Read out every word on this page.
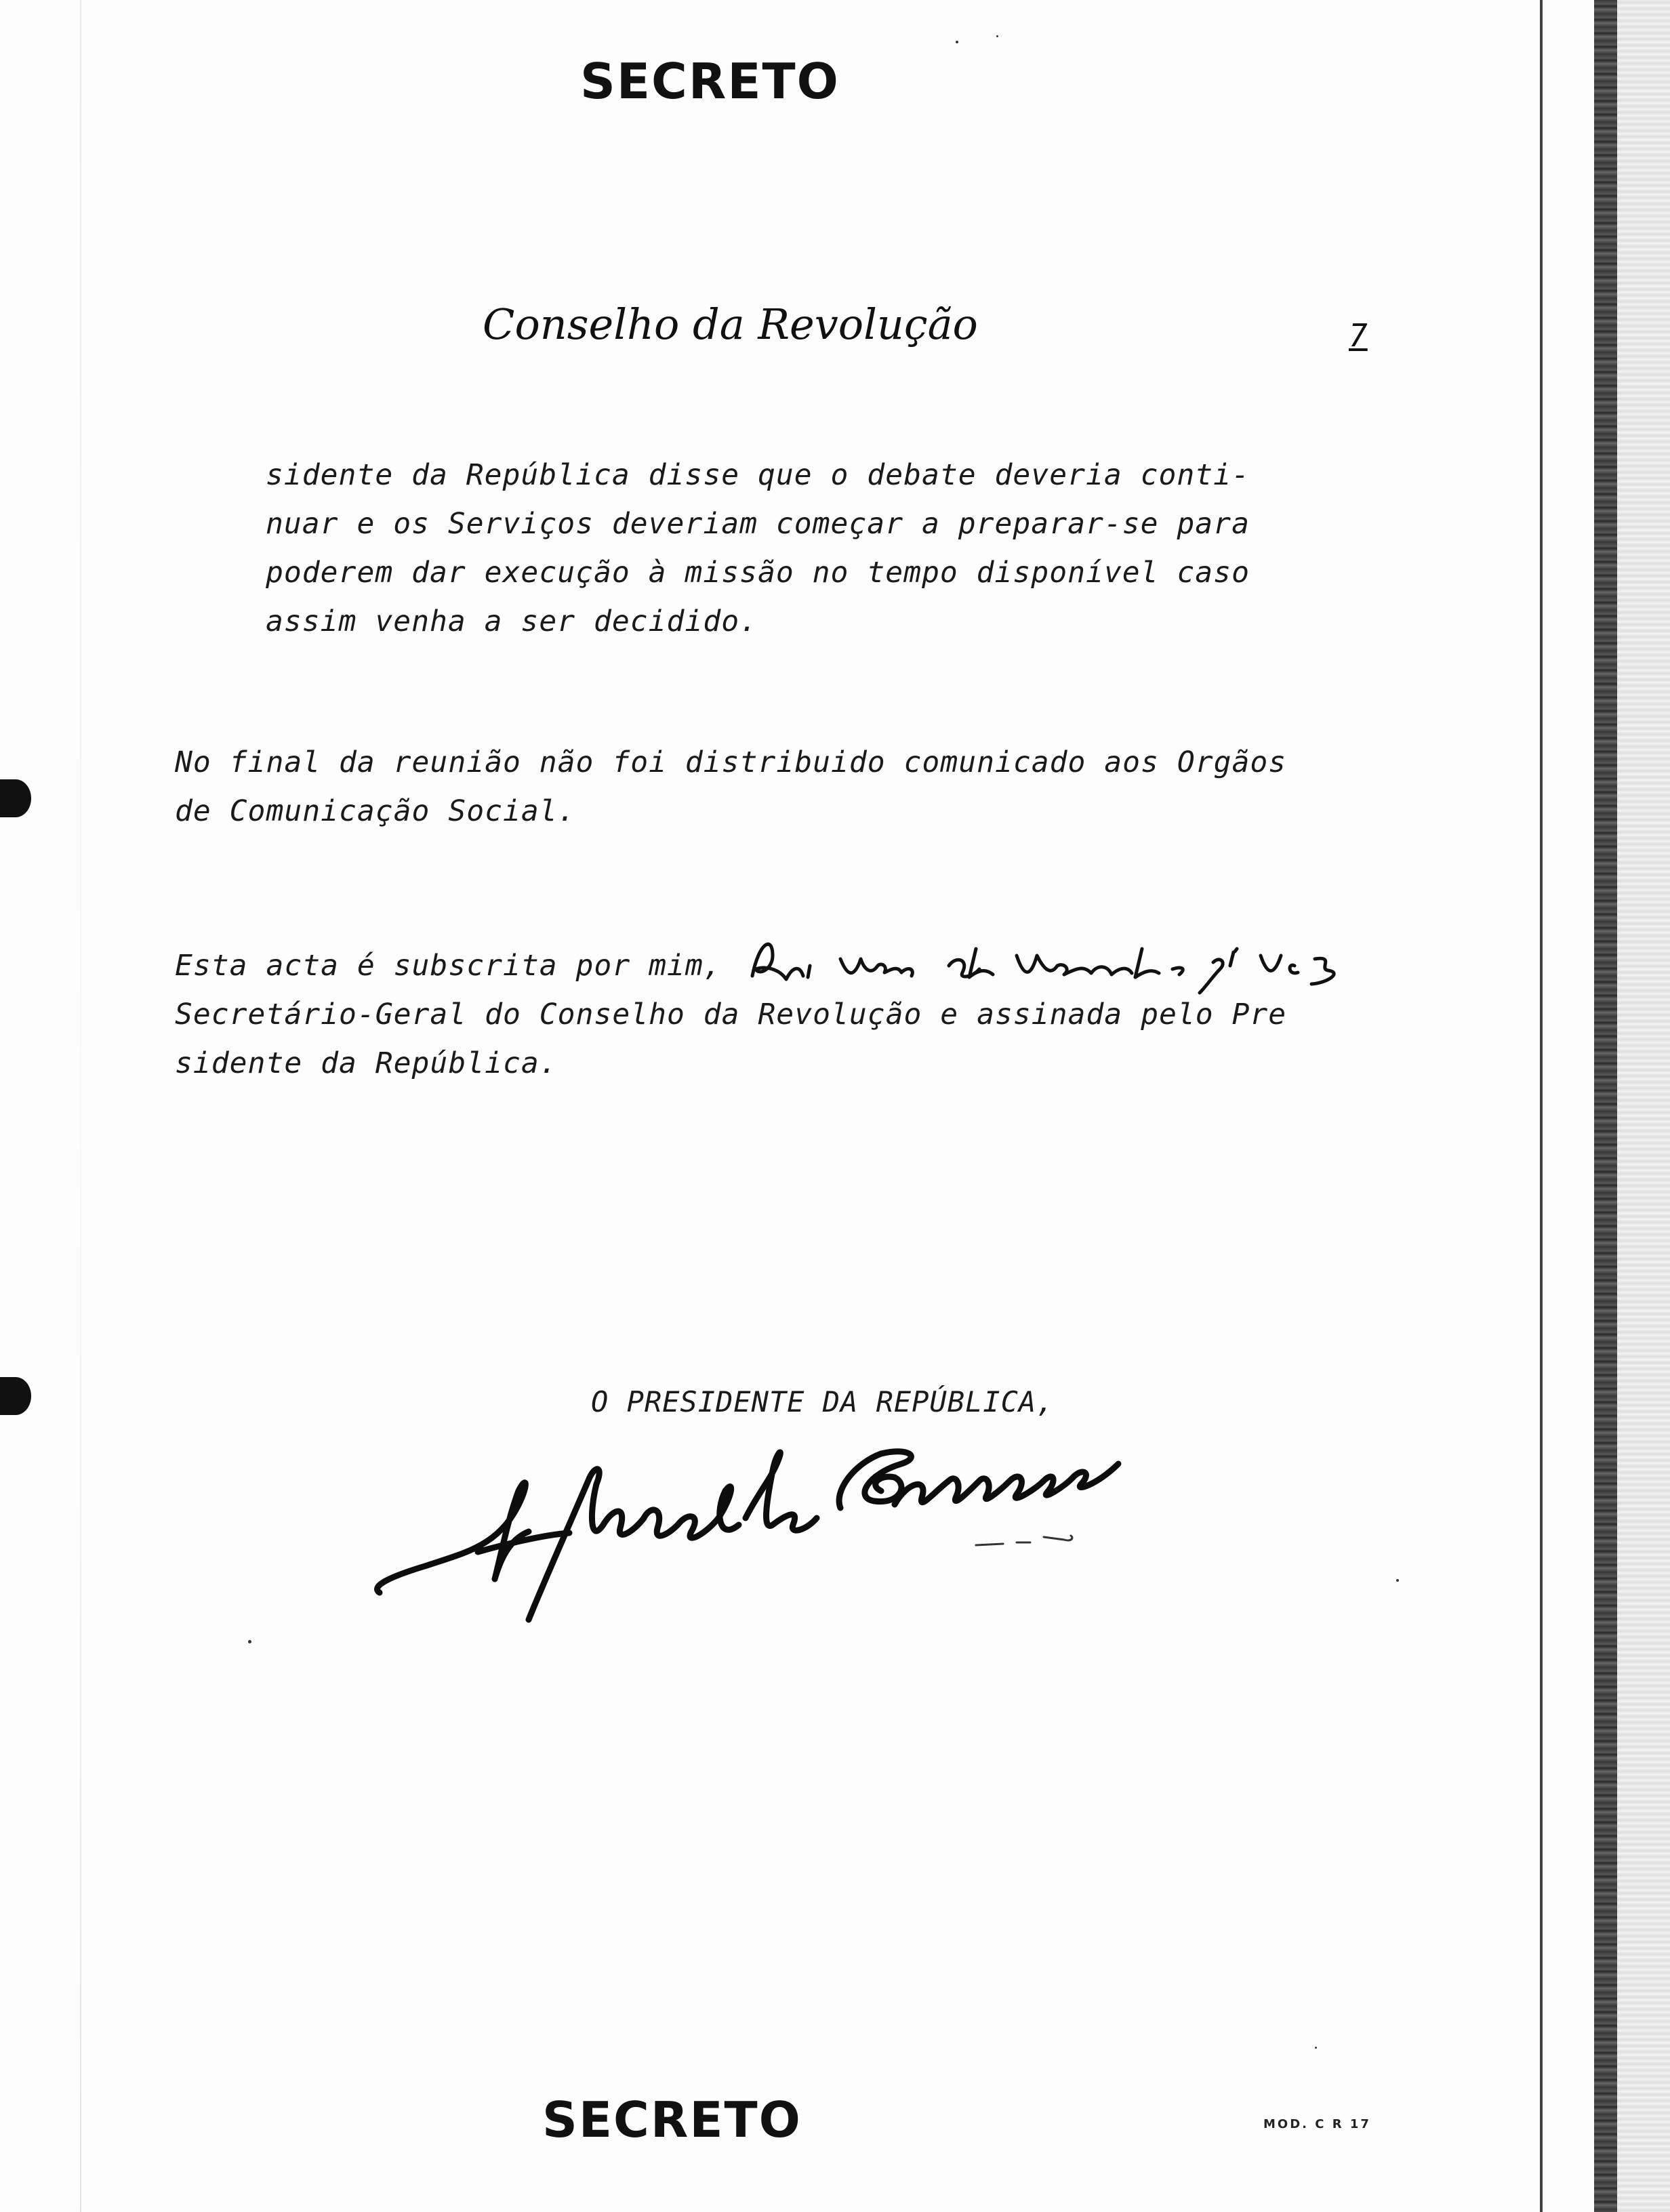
SECRETO
Conselho da Revolução	7
sidente da República disse que o debate deveria conti-
nuar e os Serviços deveriam começar a preparar-se para
poderem dar execução à missão no tempo disponível caso
assim venha a ser decidido.
No final da reunião não foi distribuido comunicado aos Orgãos
de Comunicação Social.
Esta acta é subscrita por mim,
Secretário-Geral do Conselho da Revolução e assinada pelo Pre
sidente da República.
O PRESIDENTE DA REPÚBLICA,
SECRETO	MOD. C R 17
